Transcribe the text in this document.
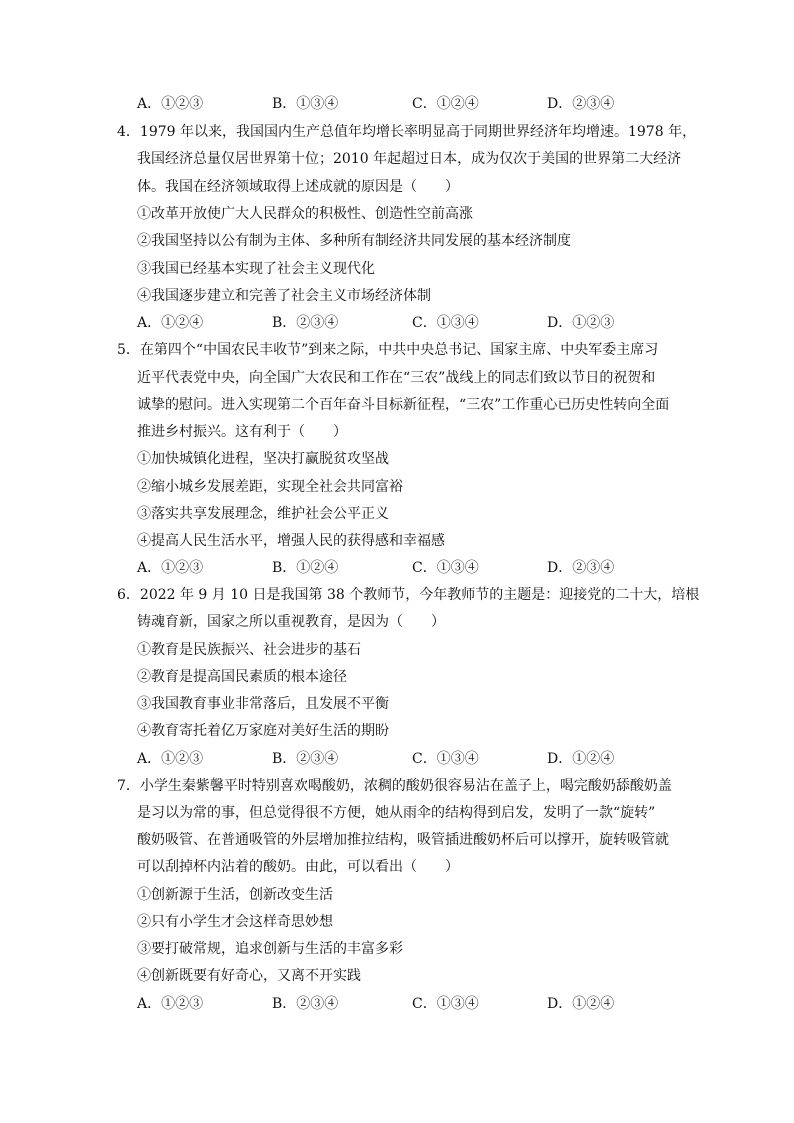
A．①②③	B．①③④	C．①②④	D．②③④
4．1979 年以来，我国国内生产总值年均增长率明显高于同期世界经济年均增速。1978 年，
我国经济总量仅居世界第十位；2010 年起超过日本，成为仅次于美国的世界第二大经济
体。我国在经济领域取得上述成就的原因是（　　）
①改革开放使广大人民群众的积极性、创造性空前高涨
②我国坚持以公有制为主体、多种所有制经济共同发展的基本经济制度
③我国已经基本实现了社会主义现代化
④我国逐步建立和完善了社会主义市场经济体制
A．①②④	B．②③④	C．①③④	D．①②③
5．在第四个“中国农民丰收节”到来之际，中共中央总书记、国家主席、中央军委主席习
近平代表党中央，向全国广大农民和工作在“三农”战线上的同志们致以节日的祝贺和
诚挚的慰问。进入实现第二个百年奋斗目标新征程，“三农”工作重心已历史性转向全面
推进乡村振兴。这有利于（　　）
①加快城镇化进程，坚决打赢脱贫攻坚战
②缩小城乡发展差距，实现全社会共同富裕
③落实共享发展理念，维护社会公平正义
④提高人民生活水平，增强人民的获得感和幸福感
A．①②③	B．①②④	C．①③④	D．②③④
6．2022 年 9 月 10 日是我国第 38 个教师节，今年教师节的主题是：迎接党的二十大，培根
铸魂育新，国家之所以重视教育，是因为（　　）
①教育是民族振兴、社会进步的基石
②教育是提高国民素质的根本途径
③我国教育事业非常落后，且发展不平衡
④教育寄托着亿万家庭对美好生活的期盼
A．①②③	B．②③④	C．①③④	D．①②④
7．小学生秦紫馨平时特别喜欢喝酸奶，浓稠的酸奶很容易沾在盖子上，喝完酸奶舔酸奶盖
是习以为常的事，但总觉得很不方便，她从雨伞的结构得到启发，发明了一款“旋转”
酸奶吸管、在普通吸管的外层增加推拉结构，吸管插进酸奶杯后可以撑开，旋转吸管就
可以刮掉杯内沾着的酸奶。由此，可以看出（　　）
①创新源于生活，创新改变生活
②只有小学生才会这样奇思妙想
③要打破常规，追求创新与生活的丰富多彩
④创新既要有好奇心，又离不开实践
A．①②③	B．②③④	C．①③④	D．①②④
